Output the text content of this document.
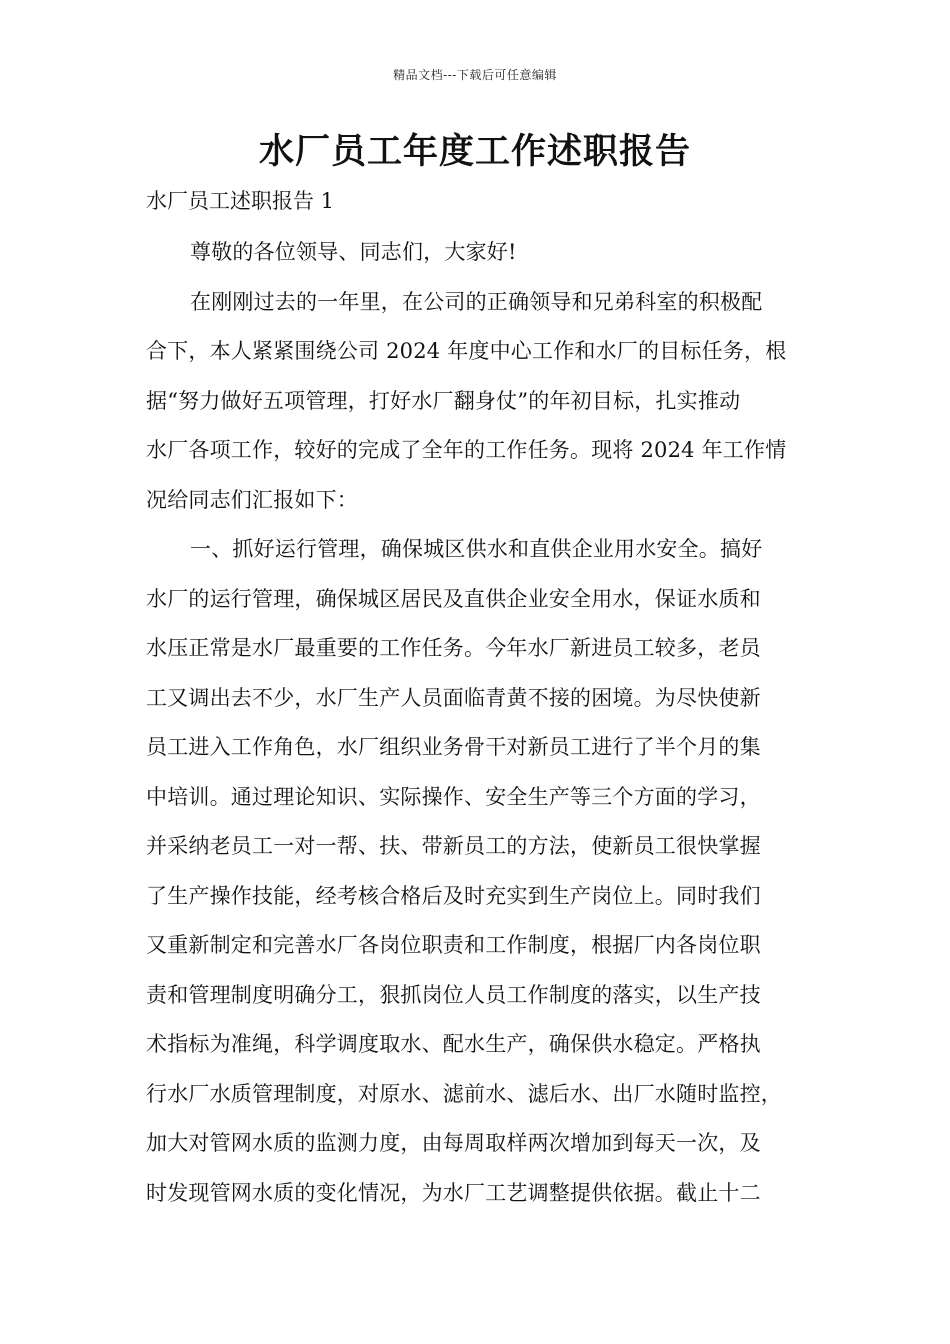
精品文档---下载后可任意编辑
水厂员工年度工作述职报告

水厂员工述职报告 1

尊敬的各位领导、同志们，大家好!
在刚刚过去的一年里，在公司的正确领导和兄弟科室的积极配
合下，本人紧紧围绕公司 2024 年度中心工作和水厂的目标任务，根
据“努力做好五项管理，打好水厂翻身仗”的年初目标，扎实推动
水厂各项工作，较好的完成了全年的工作任务。现将 2024 年工作情
况给同志们汇报如下：
一、抓好运行管理，确保城区供水和直供企业用水安全。搞好
水厂的运行管理，确保城区居民及直供企业安全用水，保证水质和
水压正常是水厂最重要的工作任务。今年水厂新进员工较多，老员
工又调出去不少，水厂生产人员面临青黄不接的困境。为尽快使新
员工进入工作角色，水厂组织业务骨干对新员工进行了半个月的集
中培训。通过理论知识、实际操作、安全生产等三个方面的学习，
并采纳老员工一对一帮、扶、带新员工的方法，使新员工很快掌握
了生产操作技能，经考核合格后及时充实到生产岗位上。同时我们
又重新制定和完善水厂各岗位职责和工作制度，根据厂内各岗位职
责和管理制度明确分工，狠抓岗位人员工作制度的落实，以生产技
术指标为准绳，科学调度取水、配水生产，确保供水稳定。严格执
行水厂水质管理制度，对原水、滤前水、滤后水、出厂水随时监控，
加大对管网水质的监测力度，由每周取样两次增加到每天一次，及
时发现管网水质的变化情况，为水厂工艺调整提供依据。截止十二
